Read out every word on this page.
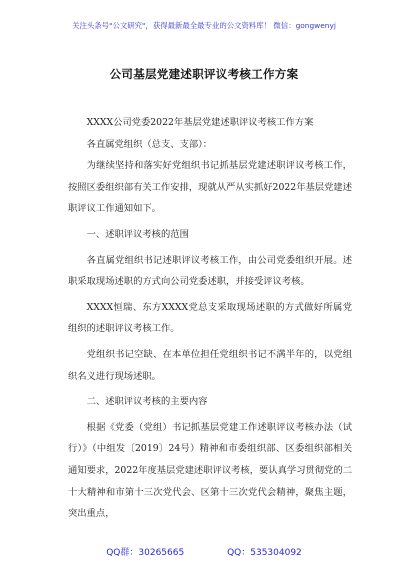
关注头条号"公文研究"，获得最新最全最专业的公文资料库！ 微信：gongwenyj
公司基层党建述职评议考核工作方案

XXXX公司党委2022年基层党建述职评议考核工作方案

各直属党组织（总支、支部）：

为继续坚持和落实好党组织书记抓基层党建述职评议考核工作，按照区委组织部有关工作安排，现就从严从实抓好2022年基层党建述职评议工作通知如下。

一、述职评议考核的范围

各直属党组织书记述职评议考核工作，由公司党委组织开展。述职采取现场述职的方式向公司党委述职，并接受评议考核。

XXXX恒瑞、东方XXXX党总支采取现场述职的方式做好所属党组织的述职评议考核工作。

党组织书记空缺、在本单位担任党组织书记不满半年的，以党组织名义进行现场述职。

二、述职评议考核的主要内容

根据《党委（党组）书记抓基层党建工作述职评议考核办法（试行）》（中组发〔2019〕24号）精神和市委组织部、区委组织部相关通知要求，2022年度基层党建述职评议考核，要认真学习贯彻党的二十大精神和市第十三次党代会、区第十三次党代会精神，聚焦主题，突出重点，

QQ群：30265665	QQ：535304092
